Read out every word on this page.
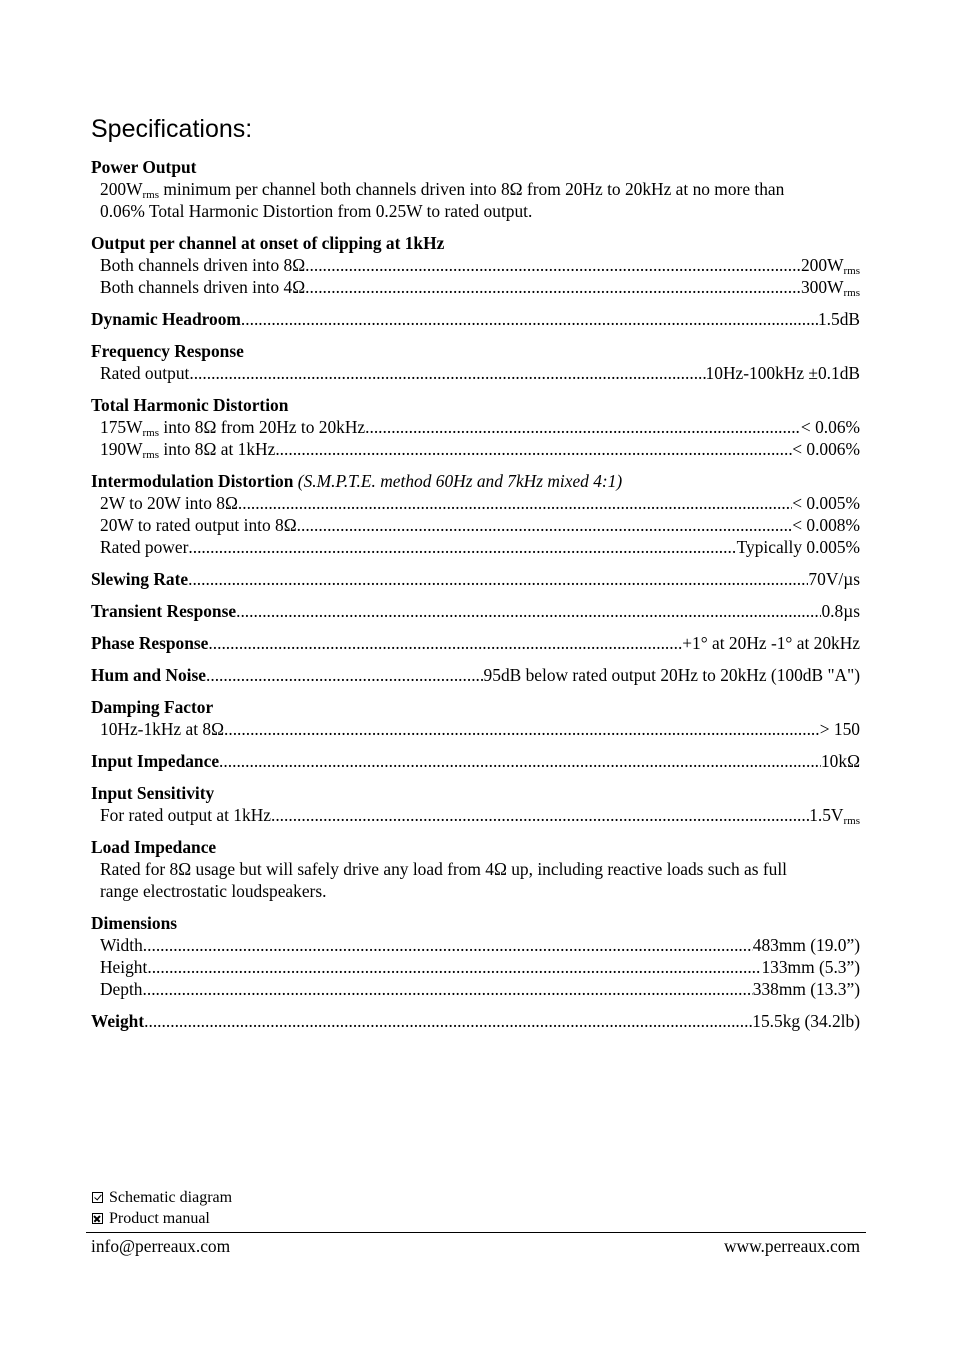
Specifications:
Power Output
$200W_{rms}$ minimum per channel both channels driven into 8Ω from 20Hz to 20kHz at no more than
0.06% Total Harmonic Distortion from 0.25W to rated output.
Output per channel at onset of clipping at 1kHz
Both channels driven into 8Ω .....	$200W_{rms}$
Both channels driven into 4Ω .....	$300W_{rms}$
Dynamic Headroom .....	1.5dB
Frequency Response
Rated output .....	10Hz-100kHz ±0.1dB
Total Harmonic Distortion
$175W_{rms}$ into 8Ω from 20Hz to 20kHz .....	< 0.06%
$190W_{rms}$ into 8Ω at 1kHz .....	< 0.006%
Intermodulation Distortion (S.M.P.T.E. method 60Hz and 7kHz mixed 4:1)
2W to 20W into 8Ω .....	< 0.005%
20W to rated output into 8Ω .....	< 0.008%
Rated power .....	Typically 0.005%
Slewing Rate .....	70V/µs
Transient Response .....	0.8µs
Phase Response .....	+1° at 20Hz -1° at 20kHz
Hum and Noise .....	95dB below rated output 20Hz to 20kHz (100dB "A")
Damping Factor
10Hz-1kHz at 8Ω .....	> 150
Input Impedance .....	10kΩ
Input Sensitivity
For rated output at 1kHz .....	$1.5V_{rms}$
Load Impedance
Rated for 8Ω usage but will safely drive any load from 4Ω up, including reactive loads such as full
range electrostatic loudspeakers.
Dimensions
Width .....	483mm (19.0”)
Height .....	133mm (5.3”)
Depth .....	338mm (13.3”)
Weight .....	15.5kg (34.2lb)
Schematic diagram
Product manual
info@perreaux.com	www.perreaux.com
